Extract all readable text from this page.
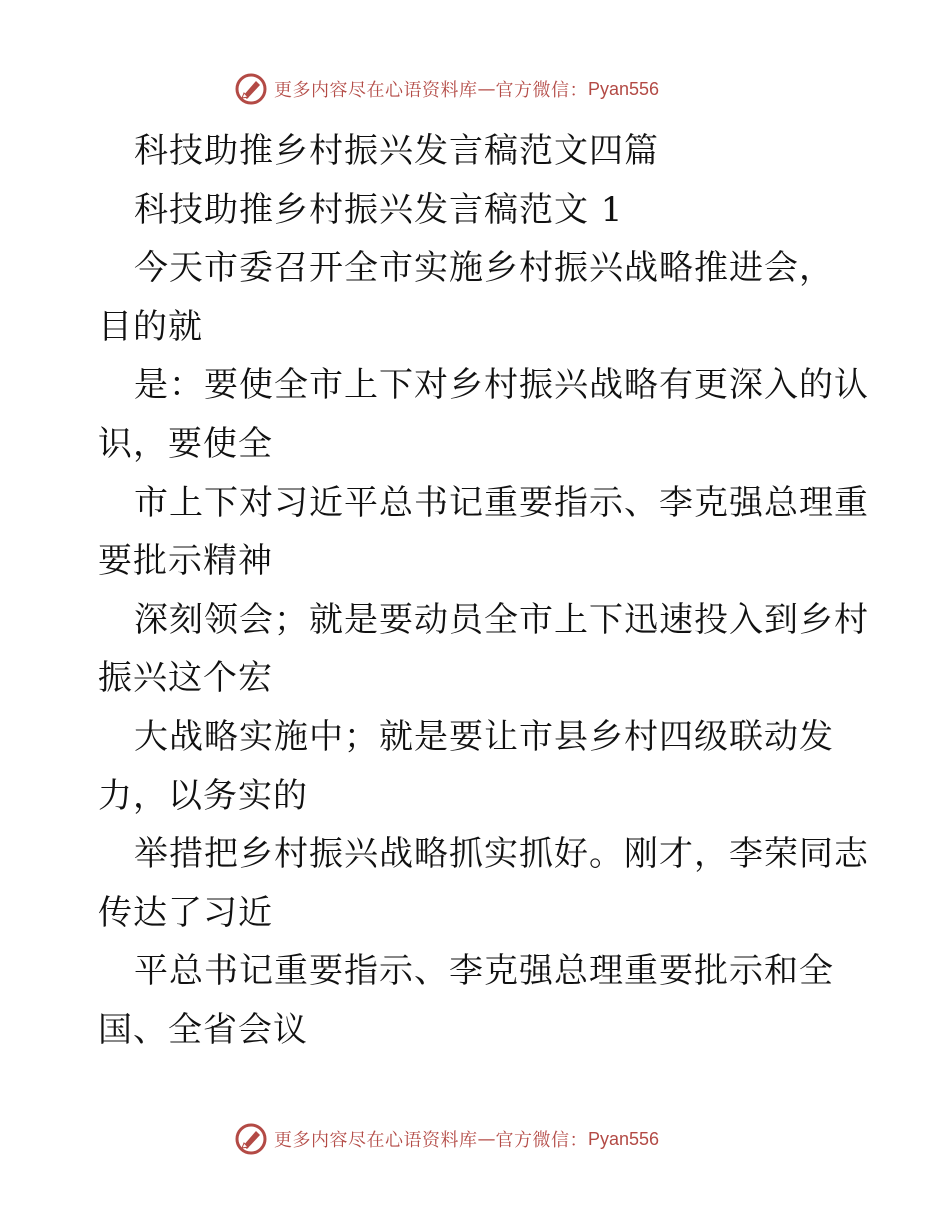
更多内容尽在心语资料库 — 官方微信： Pyan556
科技助推乡村振兴发言稿范文四篇
科技助推乡村振兴发言稿范文 1
今天市委召开全市实施乡村振兴战略推进会，
目的就
是：要使全市上下对乡村振兴战略有更深入的认
识，要使全
市上下对习近平总书记重要指示、李克强总理重
要批示精神
深刻领会；就是要动员全市上下迅速投入到乡村
振兴这个宏
大战略实施中；就是要让市县乡村四级联动发
力，以务实的
举措把乡村振兴战略抓实抓好。刚才，李荣同志
传达了习近
平总书记重要指示、李克强总理重要批示和全
国、全省会议
更多内容尽在心语资料库 — 官方微信： Pyan556
